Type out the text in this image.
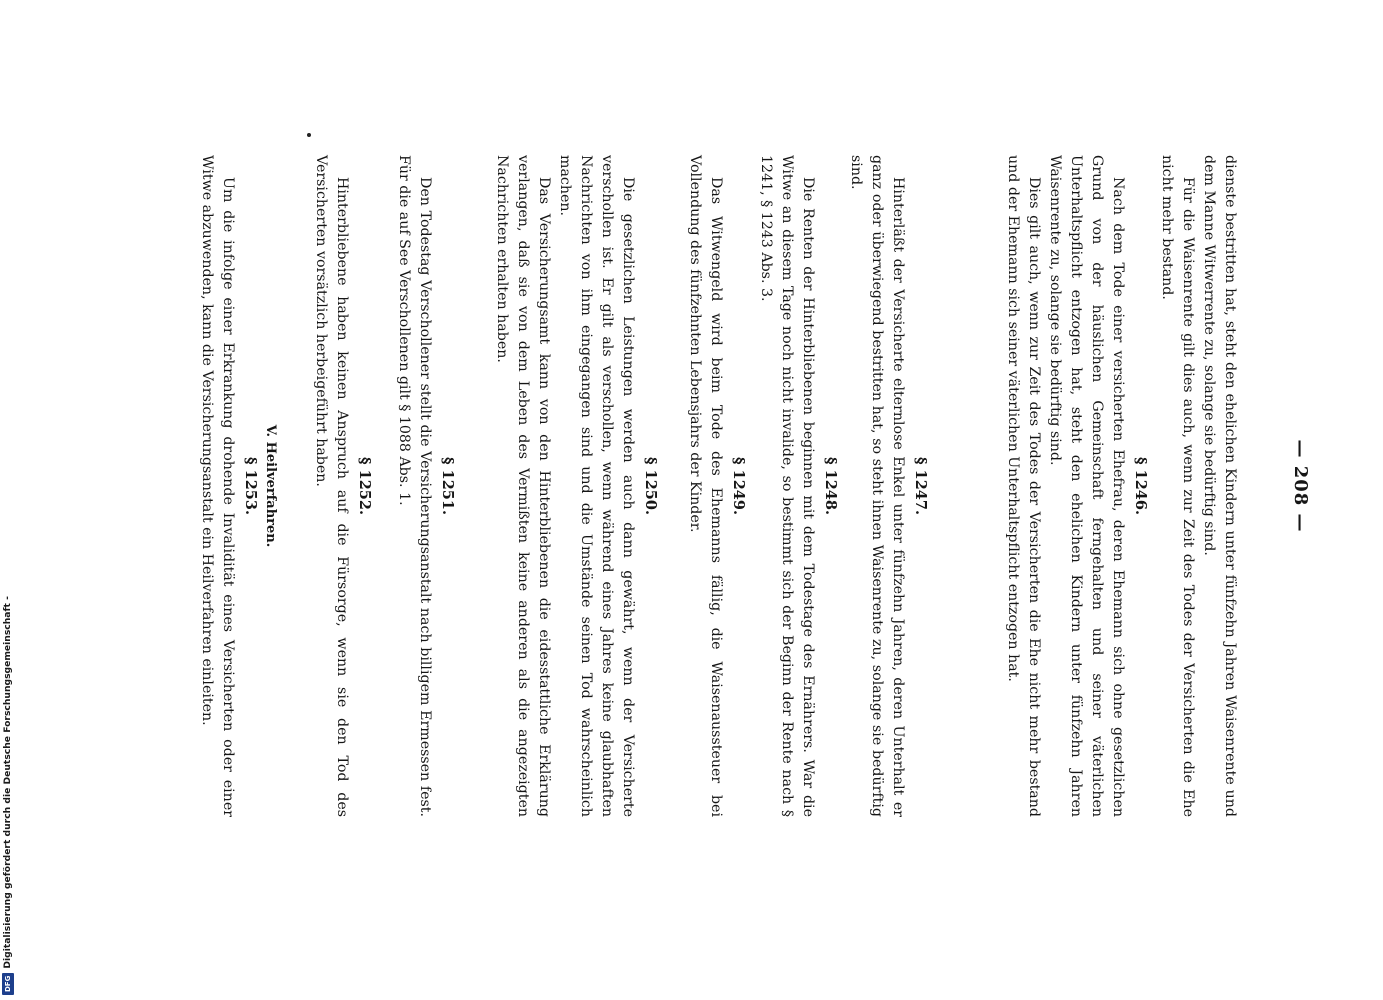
— 208 —

dienste bestritten hat, steht den ehelichen Kindern unter fünfzehn Jahren Waisenrente und dem Manne Witwerrente zu, solange sie bedürftig sind.

Für die Waisenrente gilt dies auch, wenn zur Zeit des Todes der Versicherten die Ehe nicht mehr bestand.

§ 1246.

Nach dem Tode einer versicherten Ehefrau, deren Ehemann sich ohne gesetzlichen Grund von der häuslichen Gemeinschaft ferngehalten und seiner väterlichen Unterhaltspflicht entzogen hat, steht den ehelichen Kindern unter fünfzehn Jahren Waisenrente zu, solange sie bedürftig sind.

Dies gilt auch, wenn zur Zeit des Todes der Versicherten die Ehe nicht mehr bestand und der Ehemann sich seiner väterlichen Unterhaltspflicht entzogen hat.

§ 1247.

Hinterläßt der Versicherte elternlose Enkel unter fünfzehn Jahren, deren Unterhalt er ganz oder überwiegend bestritten hat, so steht ihnen Waisenrente zu, solange sie bedürftig sind.

§ 1248.

Die Renten der Hinterbliebenen beginnen mit dem Todestage des Ernährers. War die Witwe an diesem Tage noch nicht invalide, so bestimmt sich der Beginn der Rente nach § 1241, § 1243 Abs. 3.

§ 1249.

Das Witwengeld wird beim Tode des Ehemanns fällig, die Waisenaussteuer bei Vollendung des fünfzehnten Lebensjahrs der Kinder.

§ 1250.

Die gesetzlichen Leistungen werden auch dann gewährt, wenn der Versicherte verschollen ist. Er gilt als verschollen, wenn während eines Jahres keine glaubhaften Nachrichten von ihm eingegangen sind und die Umstände seinen Tod wahrscheinlich machen.

Das Versicherungsamt kann von den Hinterbliebenen die eidesstattliche Erklärung verlangen, daß sie von dem Leben des Vermißten keine anderen als die angezeigten Nachrichten erhalten haben.

§ 1251.

Den Todestag Verschollener stellt die Versicherungsanstalt nach billigem Ermessen fest. Für die auf See Verschollenen gilt § 1088 Abs. 1.

§ 1252.

Hinterbliebene haben keinen Anspruch auf die Fürsorge, wenn sie den Tod des Versicherten vorsätzlich herbeigeführt haben.

V. Heilverfahren.
§ 1253.

Um die infolge einer Erkrankung drohende Invalidität eines Versicherten oder einer Witwe abzuwenden, kann die Versicherungsanstalt ein Heilverfahren einleiten.

DFG
Digitalisierung gefördert durch die Deutsche Forschungsgemeinschaft -
